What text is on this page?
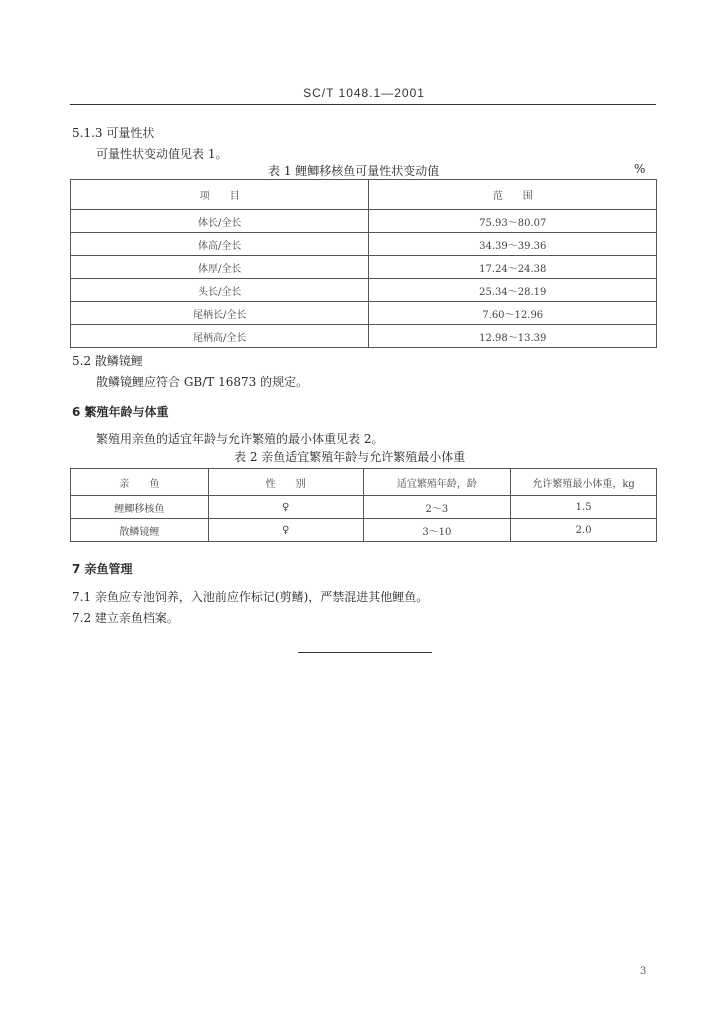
SC/T 1048.1—2001
5.1.3 可量性状
可量性状变动值见表 1。
表 1 鲤鲫移核鱼可量性状变动值	%
项　　目	范　　围
体长/全长	75.93～80.07
体高/全长	34.39～39.36
体厚/全长	17.24～24.38
头长/全长	25.34～28.19
尾柄长/全长	7.60～12.96
尾柄高/全长	12.98～13.39
5.2 散鳞镜鲤
散鳞镜鲤应符合 GB/T 16873 的规定。
6 繁殖年龄与体重
繁殖用亲鱼的适宜年龄与允许繁殖的最小体重见表 2。
表 2 亲鱼适宜繁殖年龄与允许繁殖最小体重
亲　　鱼	性　　别	适宜繁殖年龄，龄	允许繁殖最小体重，kg
鲤鲫移核鱼	♀	2～3	1.5
散鳞镜鲤	♀	3～10	2.0
7 亲鱼管理
7.1 亲鱼应专池饲养，入池前应作标记(剪鳍)，严禁混进其他鲤鱼。
7.2 建立亲鱼档案。
3
